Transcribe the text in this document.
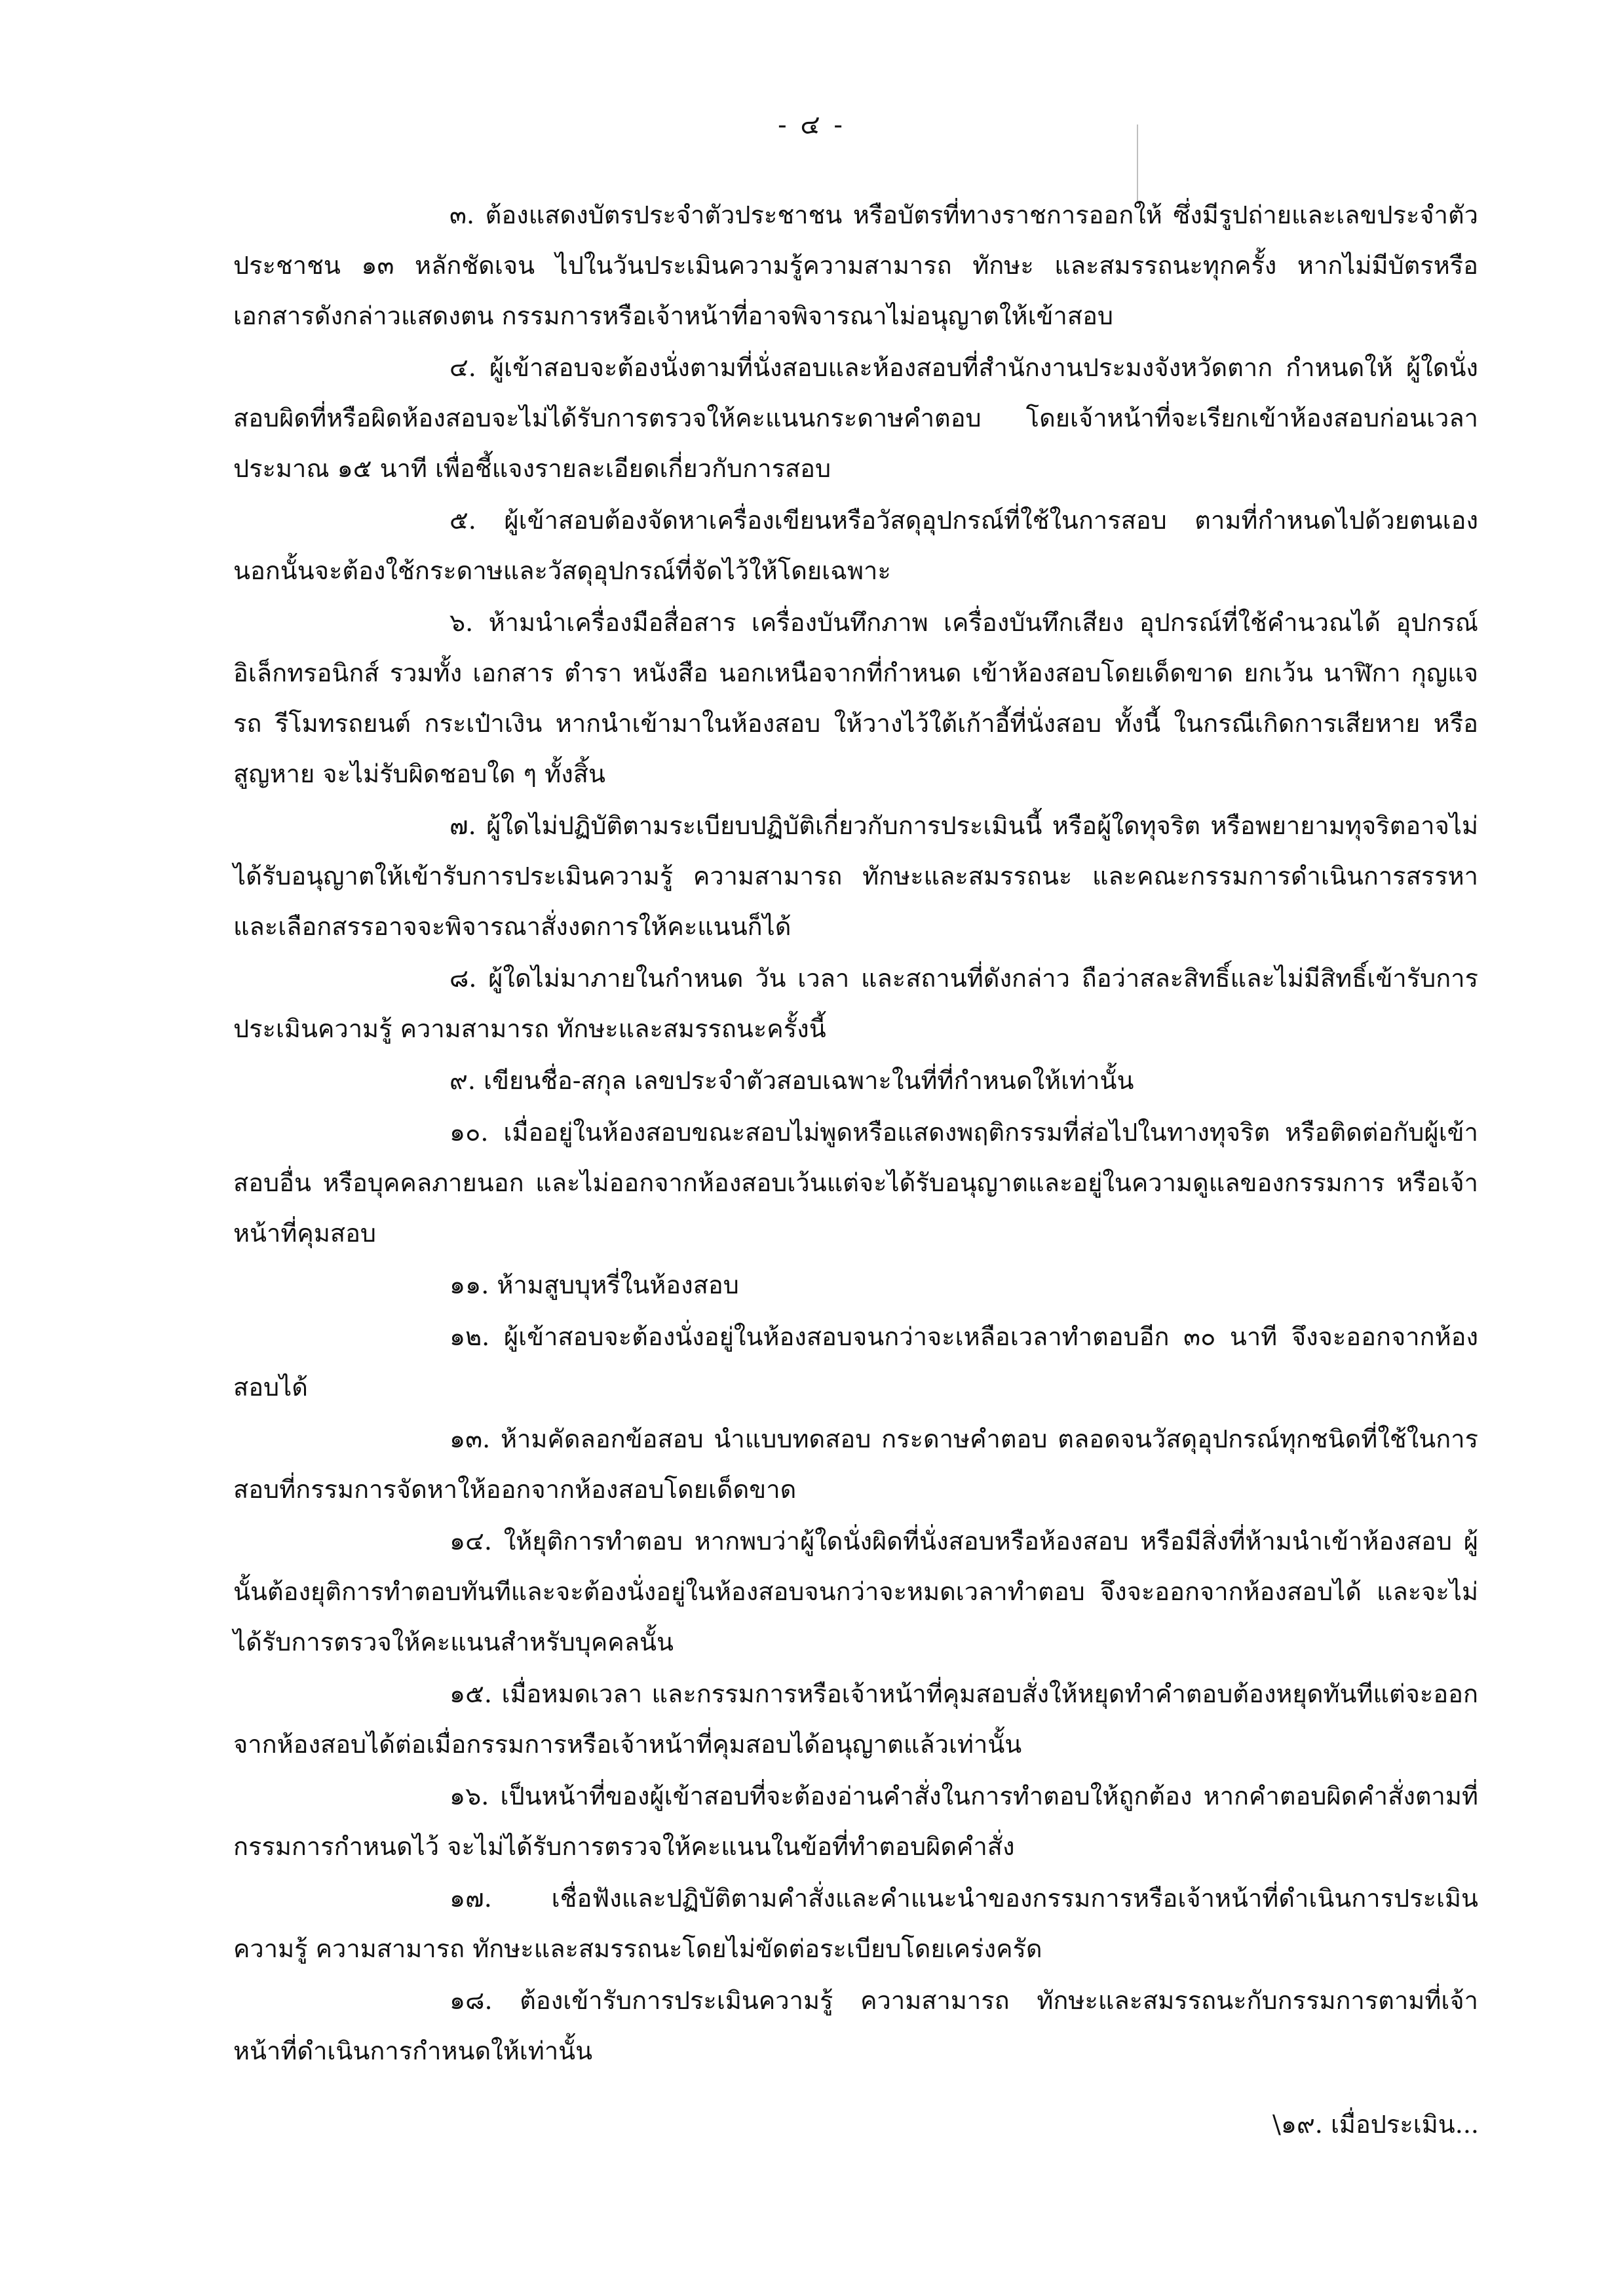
- ๔ -

๓. ต้องแสดงบัตรประจำตัวประชาชน หรือบัตรที่ทางราชการออกให้ ซึ่งมีรูปถ่ายและเลขประจำตัวประชาชน ๑๓ หลักชัดเจน ไปในวันประเมินความรู้ความสามารถ ทักษะ และสมรรถนะทุกครั้ง หากไม่มีบัตรหรือเอกสารดังกล่าวแสดงตน กรรมการหรือเจ้าหน้าที่อาจพิจารณาไม่อนุญาตให้เข้าสอบ

๔. ผู้เข้าสอบจะต้องนั่งตามที่นั่งสอบและห้องสอบที่สำนักงานประมงจังหวัดตาก กำหนดให้ ผู้ใดนั่งสอบผิดที่หรือผิดห้องสอบจะไม่ได้รับการตรวจให้คะแนนกระดาษคำตอบ โดยเจ้าหน้าที่จะเรียกเข้าห้องสอบก่อนเวลาประมาณ ๑๕ นาที เพื่อชี้แจงรายละเอียดเกี่ยวกับการสอบ

๕. ผู้เข้าสอบต้องจัดหาเครื่องเขียนหรือวัสดุอุปกรณ์ที่ใช้ในการสอบ ตามที่กำหนดไปด้วยตนเอง นอกนั้นจะต้องใช้กระดาษและวัสดุอุปกรณ์ที่จัดไว้ให้โดยเฉพาะ

๖. ห้ามนำเครื่องมือสื่อสาร เครื่องบันทึกภาพ เครื่องบันทึกเสียง อุปกรณ์ที่ใช้คำนวณได้ อุปกรณ์อิเล็กทรอนิกส์ รวมทั้ง เอกสาร ตำรา หนังสือ นอกเหนือจากที่กำหนด เข้าห้องสอบโดยเด็ดขาด ยกเว้น นาฬิกา กุญแจรถ รีโมทรถยนต์ กระเป๋าเงิน หากนำเข้ามาในห้องสอบ ให้วางไว้ใต้เก้าอี้ที่นั่งสอบ ทั้งนี้ ในกรณีเกิดการเสียหาย หรือสูญหาย จะไม่รับผิดชอบใด ๆ ทั้งสิ้น

๗. ผู้ใดไม่ปฏิบัติตามระเบียบปฏิบัติเกี่ยวกับการประเมินนี้ หรือผู้ใดทุจริต หรือพยายามทุจริตอาจไม่ได้รับอนุญาตให้เข้ารับการประเมินความรู้ ความสามารถ ทักษะและสมรรถนะ และคณะกรรมการดำเนินการสรรหาและเลือกสรรอาจจะพิจารณาสั่งงดการให้คะแนนก็ได้

๘. ผู้ใดไม่มาภายในกำหนด วัน เวลา และสถานที่ดังกล่าว ถือว่าสละสิทธิ์และไม่มีสิทธิ์เข้ารับการประเมินความรู้ ความสามารถ ทักษะและสมรรถนะครั้งนี้

๙. เขียนชื่อ-สกุล เลขประจำตัวสอบเฉพาะในที่ที่กำหนดให้เท่านั้น

๑๐. เมื่ออยู่ในห้องสอบขณะสอบไม่พูดหรือแสดงพฤติกรรมที่ส่อไปในทางทุจริต หรือติดต่อกับผู้เข้าสอบอื่น หรือบุคคลภายนอก และไม่ออกจากห้องสอบเว้นแต่จะได้รับอนุญาตและอยู่ในความดูแลของกรรมการ หรือเจ้าหน้าที่คุมสอบ

๑๑. ห้ามสูบบุหรี่ในห้องสอบ

๑๒. ผู้เข้าสอบจะต้องนั่งอยู่ในห้องสอบจนกว่าจะเหลือเวลาทำตอบอีก ๓๐ นาที จึงจะออกจากห้องสอบได้

๑๓. ห้ามคัดลอกข้อสอบ นำแบบทดสอบ กระดาษคำตอบ ตลอดจนวัสดุอุปกรณ์ทุกชนิดที่ใช้ในการสอบที่กรรมการจัดหาให้ออกจากห้องสอบโดยเด็ดขาด

๑๔. ให้ยุติการทำตอบ หากพบว่าผู้ใดนั่งผิดที่นั่งสอบหรือห้องสอบ หรือมีสิ่งที่ห้ามนำเข้าห้องสอบ ผู้นั้นต้องยุติการทำตอบทันทีและจะต้องนั่งอยู่ในห้องสอบจนกว่าจะหมดเวลาทำตอบ จึงจะออกจากห้องสอบได้ และจะไม่ได้รับการตรวจให้คะแนนสำหรับบุคคลนั้น

๑๕. เมื่อหมดเวลา และกรรมการหรือเจ้าหน้าที่คุมสอบสั่งให้หยุดทำคำตอบต้องหยุดทันทีแต่จะออกจากห้องสอบได้ต่อเมื่อกรรมการหรือเจ้าหน้าที่คุมสอบได้อนุญาตแล้วเท่านั้น

๑๖. เป็นหน้าที่ของผู้เข้าสอบที่จะต้องอ่านคำสั่งในการทำตอบให้ถูกต้อง หากคำตอบผิดคำสั่งตามที่กรรมการกำหนดไว้ จะไม่ได้รับการตรวจให้คะแนนในข้อที่ทำตอบผิดคำสั่ง

๑๗. เชื่อฟังและปฏิบัติตามคำสั่งและคำแนะนำของกรรมการหรือเจ้าหน้าที่ดำเนินการประเมินความรู้ ความสามารถ ทักษะและสมรรถนะโดยไม่ขัดต่อระเบียบโดยเคร่งครัด

๑๘. ต้องเข้ารับการประเมินความรู้ ความสามารถ ทักษะและสมรรถนะกับกรรมการตามที่เจ้าหน้าที่ดำเนินการกำหนดให้เท่านั้น

\๑๙. เมื่อประเมิน...
